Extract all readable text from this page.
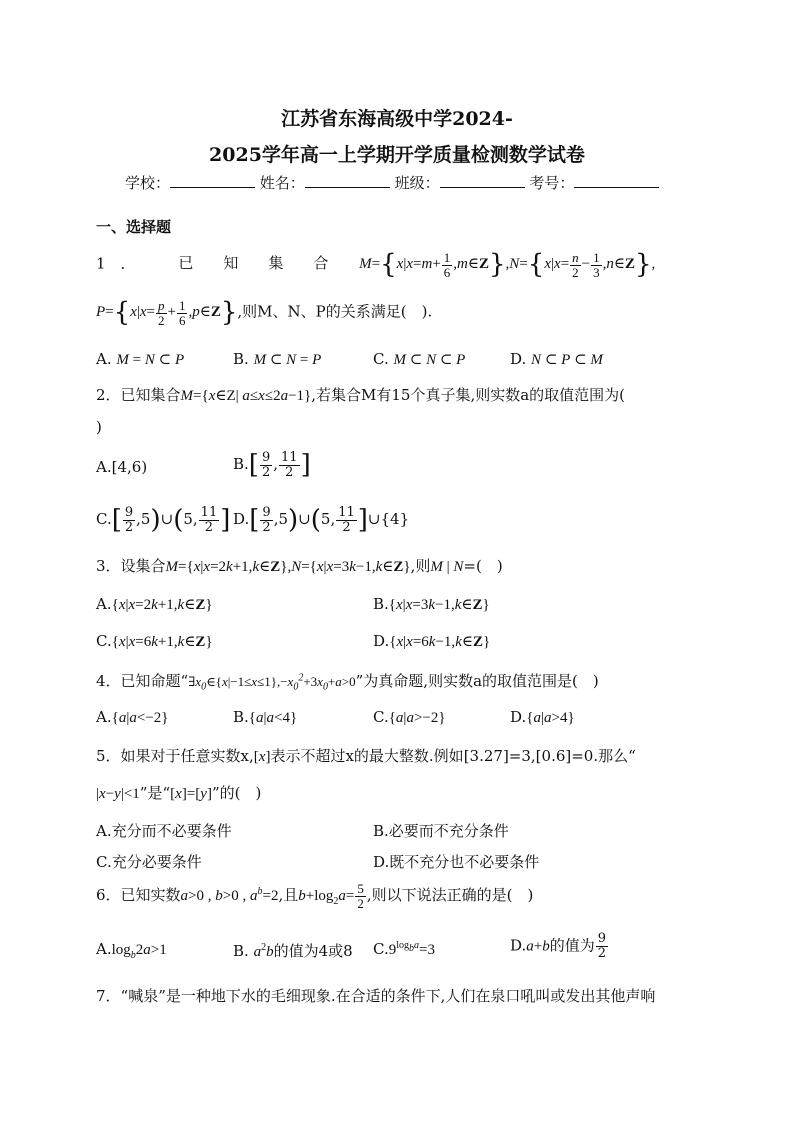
江苏省东海高级中学2024-
2025学年高一上学期开学质量检测数学试卷
学校：	姓名：	班级：	考号：
一、选择题
1　．	已　　知　　集　　合 $M=\{x|x=m+ \frac{1}{6}$ ,m∈Z},N={x|x= $\frac{n}{2} - \frac{1}{3}$ ,n∈Z},
$P=\{x|x= \frac{p}{2} + \frac{1}{6}$ ,p∈Z},则M、N、P的关系满足(　).
A. M = N ⊂ P	B. M ⊂ N = P	C. M ⊂ N ⊂ P	D. N ⊂ P ⊂ M
2．已知集合M={x∈Z| a≤x≤2a−1},若集合M有15个真子集,则实数a的取值范围为(
)
A.[4,6)	$B.[ \frac{9}{2}$ , $\frac{11}{2}$ ]
$C.[ \frac{9}{2}$ ,5)∪(5, $\frac{11}{2}$ ] $D.[ \frac{9}{2}$ ,5)∪(5, $\frac{11}{2}$ ]∪{4}
3．设集合M={x|x=2k+1,k∈Z},N={x|x=3k−1,k∈Z},则M | N=(　)
A.{x|x=2k+1,k∈Z}	B.{x|x=3k−1,k∈Z}
C.{x|x=6k+1,k∈Z}	D.{x|x=6k−1,k∈Z}
4．已知命题“$\exists x_0\in\{x|-1\le x\le 1\},-x_0^2+3x_0+a>0$”为真命题,则实数a的取值范围是(　)
A.{a|a<−2}	B.{a|a<4}	C.{a|a>−2}	D.{a|a>4}
5．如果对于任意实数x,[x]表示不超过x的最大整数.例如[3.27]=3,[0.6]=0.那么“
|x−y|<1”是“[x]=[y]”的(　)
A.充分而不必要条件	B.必要而不充分条件
C.充分必要条件	D.既不充分也不必要条件
6．已知实数a>0 , b>0 , $a^b=2$,且$b+\log_2a= \frac{5}{2}$ ,则以下说法正确的是(　)
$A.\log_b2a>1$	B. $a^2b$的值为4或8 $C.9^{log_ba}=3$	D.a+b的值为 $\frac{9}{2}$
7．“喊泉”是一种地下水的毛细现象.在合适的条件下,人们在泉口吼叫或发出其他声响
